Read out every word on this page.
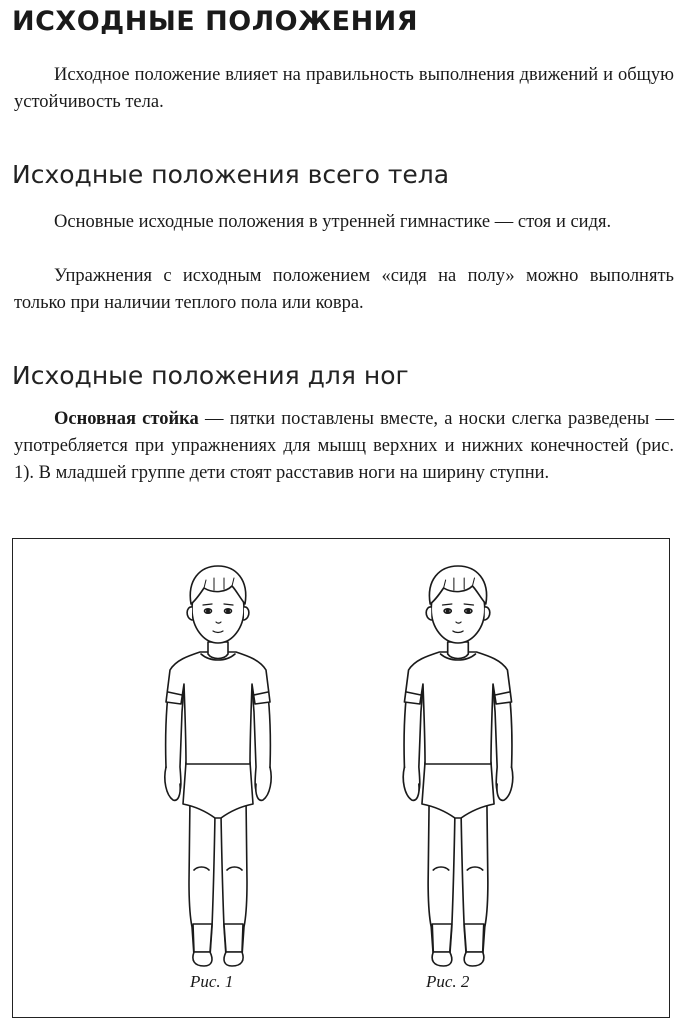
ИСХОДНЫЕ ПОЛОЖЕНИЯ

Исходное положение влияет на правильность выполнения движений и общую устойчивость тела.

Исходные положения всего тела

Основные исходные положения в утренней гимнастике — стоя и сидя.

Упражнения с исходным положением «сидя на полу» можно выполнять только при наличии теплого пола или ковра.

Исходные положения для ног

Основная стойка — пятки поставлены вместе, а носки слегка разведены — употребляется при упражнениях для мышц верхних и нижних конечностей (рис. 1). В младшей группе дети стоят расставив ноги на ширину ступни.

Рис. 1	Рис. 2
